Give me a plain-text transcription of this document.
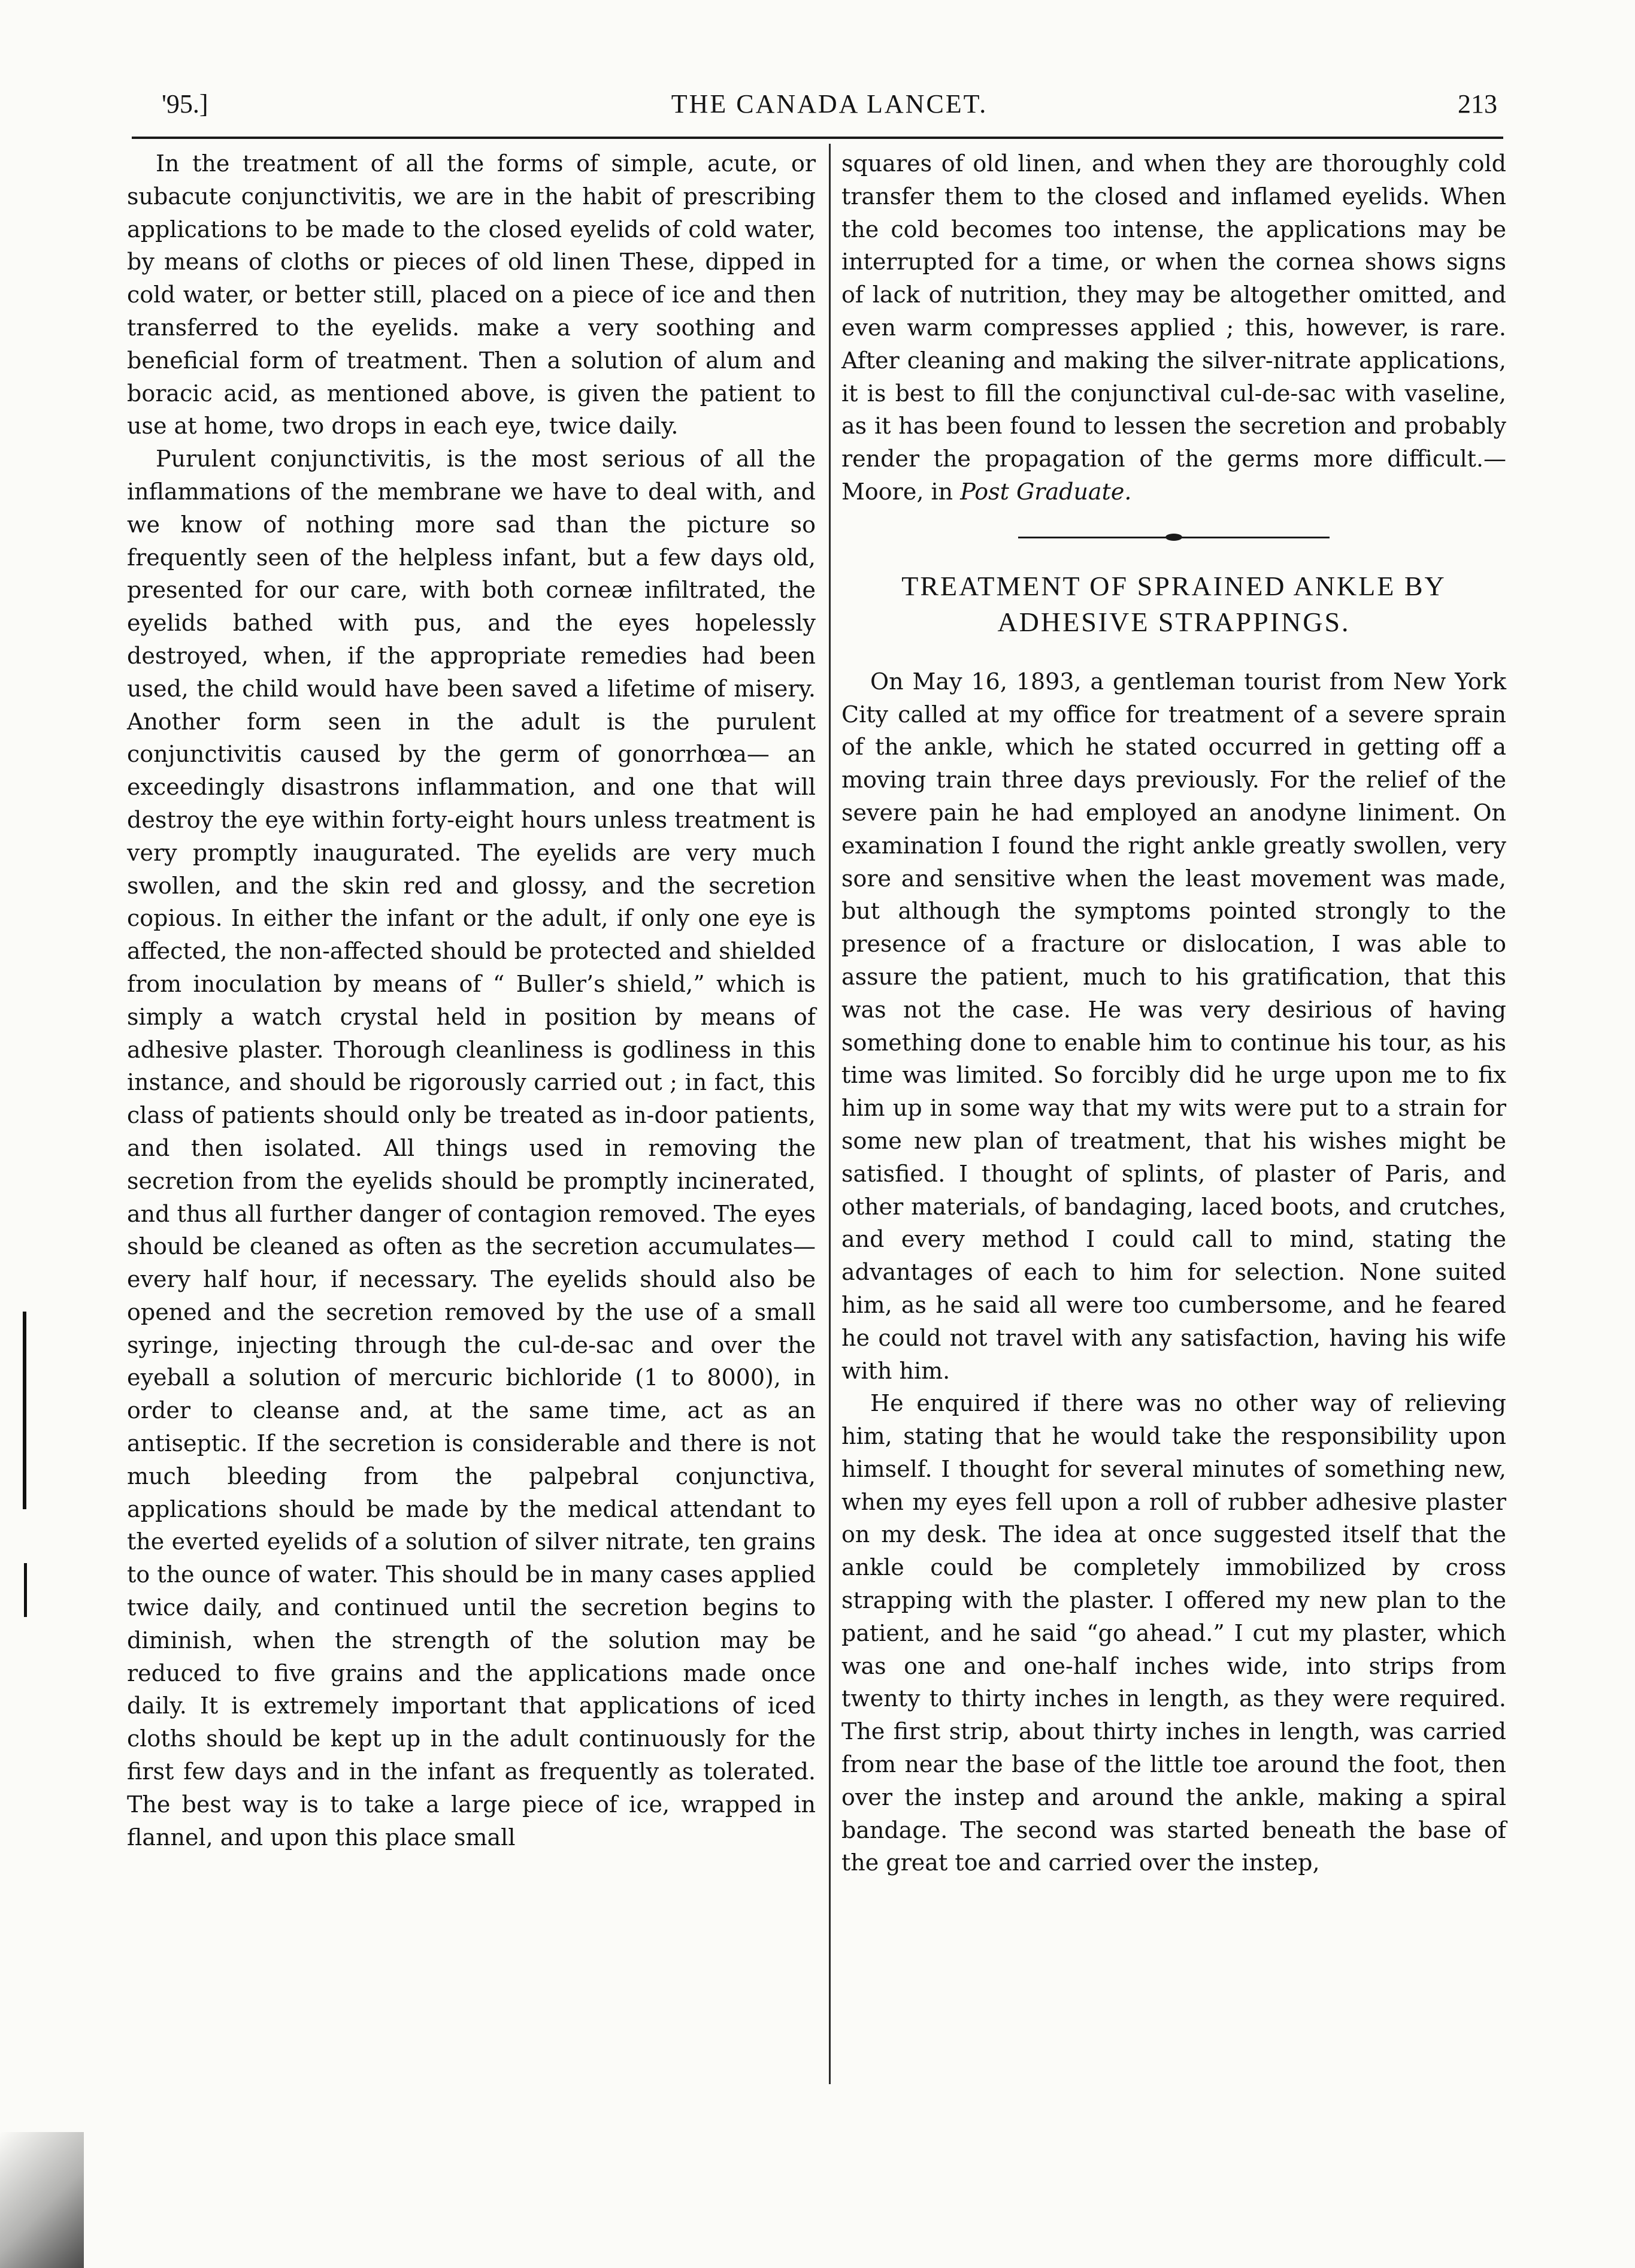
'95.]	THE CANADA LANCET.	213

In the treatment of all the forms of simple, acute, or subacute conjunctivitis, we are in the habit of prescribing applications to be made to the closed eyelids of cold water, by means of cloths or pieces of old linen These, dipped in cold water, or better still, placed on a piece of ice and then transferred to the eyelids. make a very soothing and beneficial form of treatment. Then a solution of alum and boracic acid, as mentioned above, is given the patient to use at home, two drops in each eye, twice daily.

Purulent conjunctivitis, is the most serious of all the inflammations of the membrane we have to deal with, and we know of nothing more sad than the picture so frequently seen of the helpless infant, but a few days old, presented for our care, with both corneæ infiltrated, the eyelids bathed with pus, and the eyes hopelessly destroyed, when, if the appropriate remedies had been used, the child would have been saved a lifetime of misery. Another form seen in the adult is the purulent conjunctivitis caused by the germ of gonorrhœa— an exceedingly disastrons inflammation, and one that will destroy the eye within forty-eight hours unless treatment is very promptly inaugurated. The eyelids are very much swollen, and the skin red and glossy, and the secretion copious. In either the infant or the adult, if only one eye is affected, the non-affected should be protected and shielded from inoculation by means of “ Buller’s shield,” which is simply a watch crystal held in position by means of adhesive plaster. Thorough cleanliness is godliness in this instance, and should be rigorously carried out ; in fact, this class of patients should only be treated as in-door patients, and then isolated. All things used in removing the secretion from the eyelids should be promptly incinerated, and thus all further danger of contagion removed. The eyes should be cleaned as often as the secretion accumulates—every half hour, if necessary. The eyelids should also be opened and the secretion removed by the use of a small syringe, injecting through the cul-de-sac and over the eyeball a solution of mercuric bichloride (1 to 8000), in order to cleanse and, at the same time, act as an antiseptic. If the secretion is considerable and there is not much bleeding from the palpebral conjunctiva, applications should be made by the medical attendant to the everted eyelids of a solution of silver nitrate, ten grains to the ounce of water. This should be in many cases applied twice daily, and continued until the secretion begins to diminish, when the strength of the solution may be reduced to five grains and the applications made once daily. It is extremely important that applications of iced cloths should be kept up in the adult continuously for the first few days and in the infant as frequently as tolerated. The best way is to take a large piece of ice, wrapped in flannel, and upon this place small

squares of old linen, and when they are thoroughly cold transfer them to the closed and inflamed eyelids. When the cold becomes too intense, the applications may be interrupted for a time, or when the cornea shows signs of lack of nutrition, they may be altogether omitted, and even warm compresses applied ; this, however, is rare. After cleaning and making the silver-nitrate applications, it is best to fill the conjunctival cul-de-sac with vaseline, as it has been found to lessen the secretion and probably render the propagation of the germs more difficult.—Moore, in Post Graduate.

TREATMENT OF SPRAINED ANKLE BY
ADHESIVE STRAPPINGS.

On May 16, 1893, a gentleman tourist from New York City called at my office for treatment of a severe sprain of the ankle, which he stated occurred in getting off a moving train three days previously. For the relief of the severe pain he had employed an anodyne liniment. On examination I found the right ankle greatly swollen, very sore and sensitive when the least movement was made, but although the symptoms pointed strongly to the presence of a fracture or dislocation, I was able to assure the patient, much to his gratification, that this was not the case. He was very desirious of having something done to enable him to continue his tour, as his time was limited. So forcibly did he urge upon me to fix him up in some way that my wits were put to a strain for some new plan of treatment, that his wishes might be satisfied. I thought of splints, of plaster of Paris, and other materials, of bandaging, laced boots, and crutches, and every method I could call to mind, stating the advantages of each to him for selection. None suited him, as he said all were too cumbersome, and he feared he could not travel with any satisfaction, having his wife with him.

He enquired if there was no other way of relieving him, stating that he would take the responsibility upon himself. I thought for several minutes of something new, when my eyes fell upon a roll of rubber adhesive plaster on my desk. The idea at once suggested itself that the ankle could be completely immobilized by cross strapping with the plaster. I offered my new plan to the patient, and he said “go ahead.” I cut my plaster, which was one and one-half inches wide, into strips from twenty to thirty inches in length, as they were required. The first strip, about thirty inches in length, was carried from near the base of the little toe around the foot, then over the instep and around the ankle, making a spiral bandage. The second was started beneath the base of the great toe and carried over the instep,
